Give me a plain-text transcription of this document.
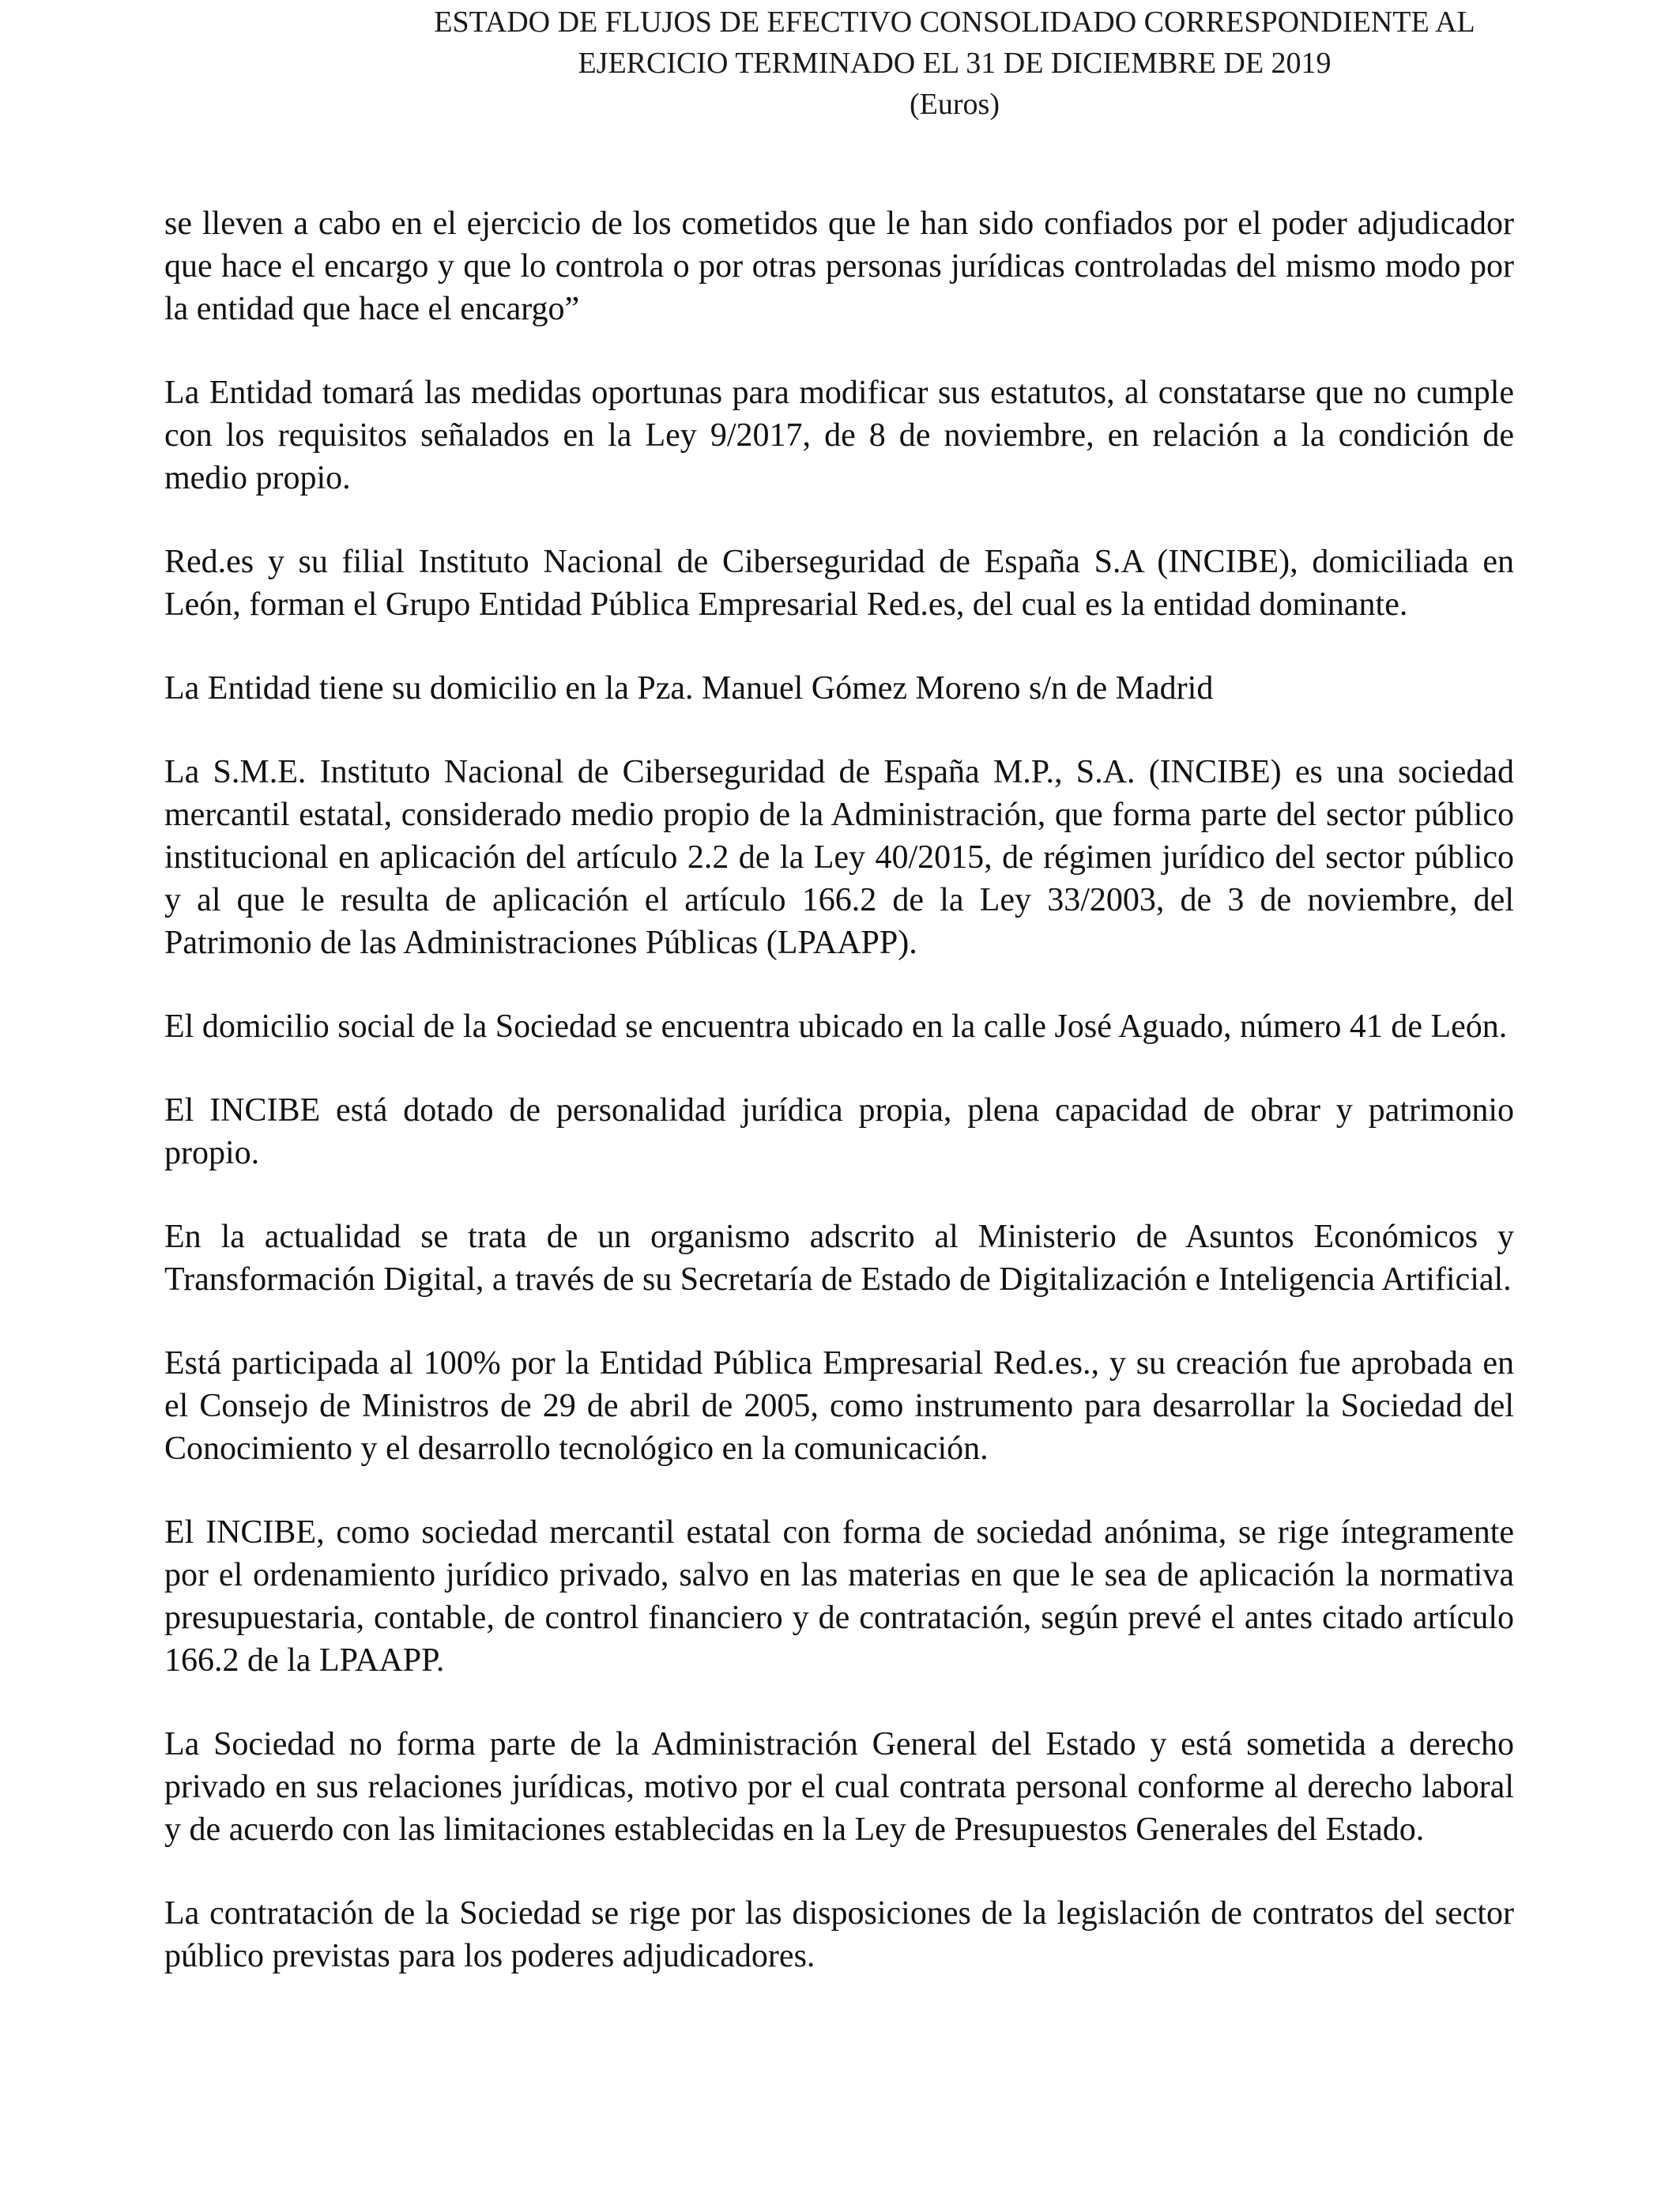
ESTADO DE FLUJOS DE EFECTIVO CONSOLIDADO CORRESPONDIENTE AL
EJERCICIO TERMINADO EL 31 DE DICIEMBRE DE 2019
(Euros)

se lleven a cabo en el ejercicio de los cometidos que le han sido confiados por el poder adjudicador que hace el encargo y que lo controla o por otras personas jurídicas controladas del mismo modo por la entidad que hace el encargo”

La Entidad tomará las medidas oportunas para modificar sus estatutos, al constatarse que no cumple con los requisitos señalados en la Ley 9/2017, de 8 de noviembre, en relación a la condición de medio propio.

Red.es y su filial Instituto Nacional de Ciberseguridad de España S.A (INCIBE), domiciliada en León, forman el Grupo Entidad Pública Empresarial Red.es, del cual es la entidad dominante.

La Entidad tiene su domicilio en la Pza. Manuel Gómez Moreno s/n de Madrid

La S.M.E. Instituto Nacional de Ciberseguridad de España M.P., S.A. (INCIBE) es una sociedad mercantil estatal, considerado medio propio de la Administración, que forma parte del sector público institucional en aplicación del artículo 2.2 de la Ley 40/2015, de régimen jurídico del sector público y al que le resulta de aplicación el artículo 166.2 de la Ley 33/2003, de 3 de noviembre, del Patrimonio de las Administraciones Públicas (LPAAPP).

El domicilio social de la Sociedad se encuentra ubicado en la calle José Aguado, número 41 de León.

El INCIBE está dotado de personalidad jurídica propia, plena capacidad de obrar y patrimonio propio.

En la actualidad se trata de un organismo adscrito al Ministerio de Asuntos Económicos y Transformación Digital, a través de su Secretaría de Estado de Digitalización e Inteligencia Artificial.

Está participada al 100% por la Entidad Pública Empresarial Red.es., y su creación fue aprobada en el Consejo de Ministros de 29 de abril de 2005, como instrumento para desarrollar la Sociedad del Conocimiento y el desarrollo tecnológico en la comunicación.

El INCIBE, como sociedad mercantil estatal con forma de sociedad anónima, se rige íntegramente por el ordenamiento jurídico privado, salvo en las materias en que le sea de aplicación la normativa presupuestaria, contable, de control financiero y de contratación, según prevé el antes citado artículo 166.2 de la LPAAPP.

La Sociedad no forma parte de la Administración General del Estado y está sometida a derecho privado en sus relaciones jurídicas, motivo por el cual contrata personal conforme al derecho laboral y de acuerdo con las limitaciones establecidas en la Ley de Presupuestos Generales del Estado.

La contratación de la Sociedad se rige por las disposiciones de la legislación de contratos del sector público previstas para los poderes adjudicadores.
